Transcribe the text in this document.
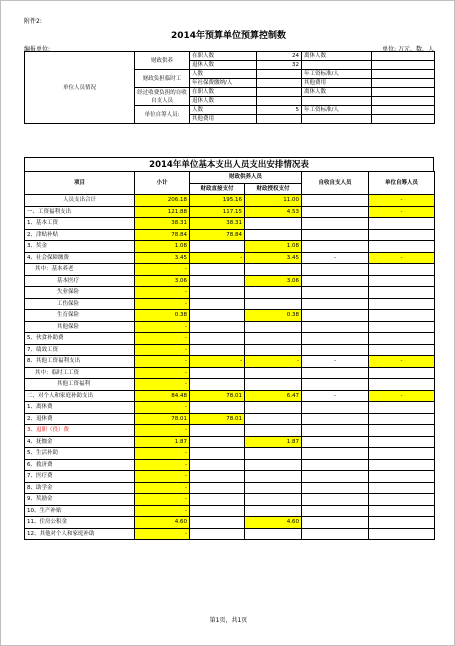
附件2:
2014年预算单位预算控制数
编报单位:	单位: 万元、数、人
单位人员情况	财政供养	在职人数	24	离休人数	
		退休人数	32		
	财政负担临时工	人数		年工资标准/人	
		年社保费缴纳/人		其他费用	
	经过收费负担的自收自支人员	在职人数		离休人数	
		退休人数			
	单位自筹人员:	人数	5	年工资标准/人	
		其他费用			
2014年单位基本支出人员支出安排情况表
项目	小计	财政供养人员		自收自支人员	单位自筹人员
		财政直接支付	财政授权支付		
人员支出合计	206.18	195.16	11.00		-
一、工资福利支出	121.88	117.15	4.53		-
1、基本工资	38.31	38.31			
2、津贴补贴	78.84	78.84			
3、奖金	1.08		1.08		
4、社会保障缴费	3.45	-	3.45	-	-
其中：基本养老	-				
基本医疗	3.06		3.06		
失业保险	-				
工伤保险	-				
生育保险	0.38		0.38		
其他保险	-				
5、伙食补助费	-				
7、绩效工资	-				
8、其他工资福利支出	-	-	-	-	-
其中：临时工工资	-				
其他工资福利	-				
二、对个人和家庭补助支出	84.48	78.01	6.47	-	-
1、离休费	-				
2、退休费	78.01	78.01			
3、退职（役）费	-				
4、抚恤金	1.87		1.87		
5、生活补助	-				
6、救济费	-				
7、医疗费	-				
8、助学金	-				
9、奖励金	-				
10、生产补贴	-				
11、住房公积金	4.60		4.60		
12、其他对个人和家庭补助	-				
第1页，共1页
